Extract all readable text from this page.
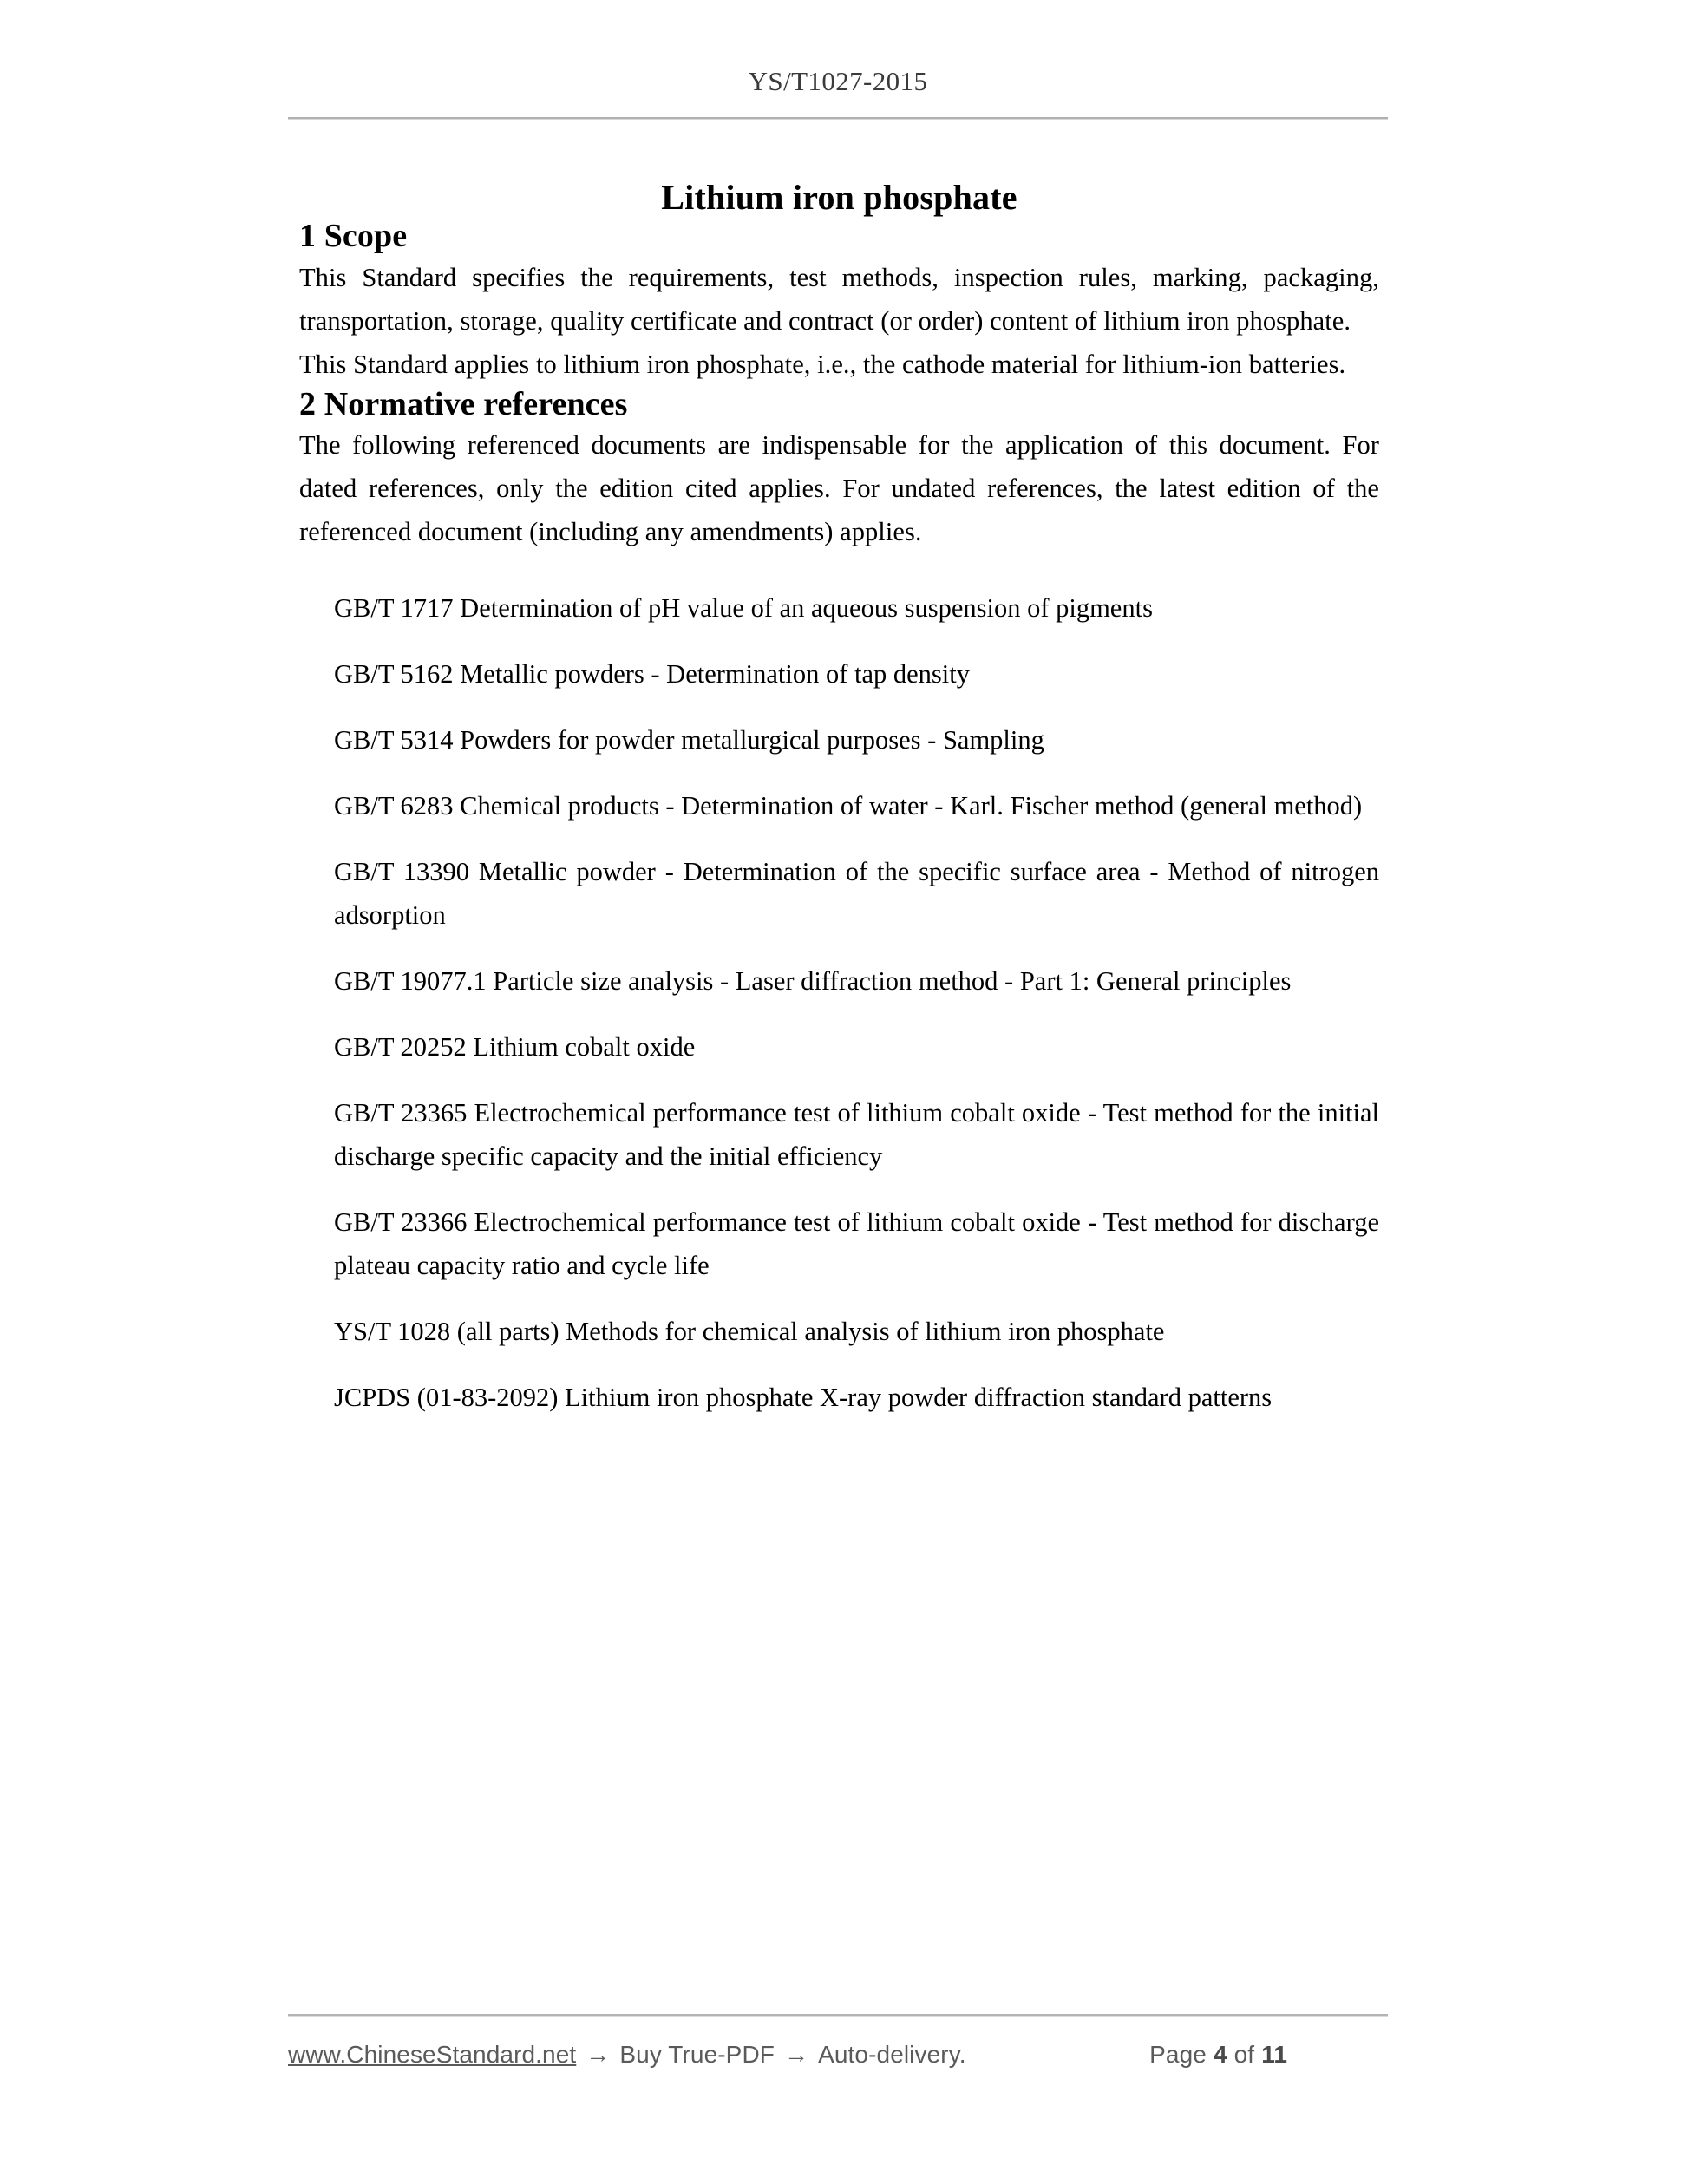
YS/T1027-2015
Lithium iron phosphate
1 Scope

This Standard specifies the requirements, test methods, inspection rules, marking, packaging, transportation, storage, quality certificate and contract (or order) content of lithium iron phosphate.

This Standard applies to lithium iron phosphate, i.e., the cathode material for lithium-ion batteries.

2 Normative references

The following referenced documents are indispensable for the application of this document. For dated references, only the edition cited applies. For undated references, the latest edition of the referenced document (including any amendments) applies.

GB/T 1717 Determination of pH value of an aqueous suspension of pigments
GB/T 5162 Metallic powders - Determination of tap density
GB/T 5314 Powders for powder metallurgical purposes - Sampling
GB/T 6283 Chemical products - Determination of water - Karl. Fischer method (general method)
GB/T 13390 Metallic powder - Determination of the specific surface area - Method of nitrogen adsorption
GB/T 19077.1 Particle size analysis - Laser diffraction method - Part 1: General principles
GB/T 20252 Lithium cobalt oxide
GB/T 23365 Electrochemical performance test of lithium cobalt oxide - Test method for the initial discharge specific capacity and the initial efficiency
GB/T 23366 Electrochemical performance test of lithium cobalt oxide - Test method for discharge plateau capacity ratio and cycle life
YS/T 1028 (all parts) Methods for chemical analysis of lithium iron phosphate
JCPDS (01-83-2092) Lithium iron phosphate X-ray powder diffraction standard patterns
www.ChineseStandard.net → Buy True-PDF → Auto-delivery.	Page 4 of 11
